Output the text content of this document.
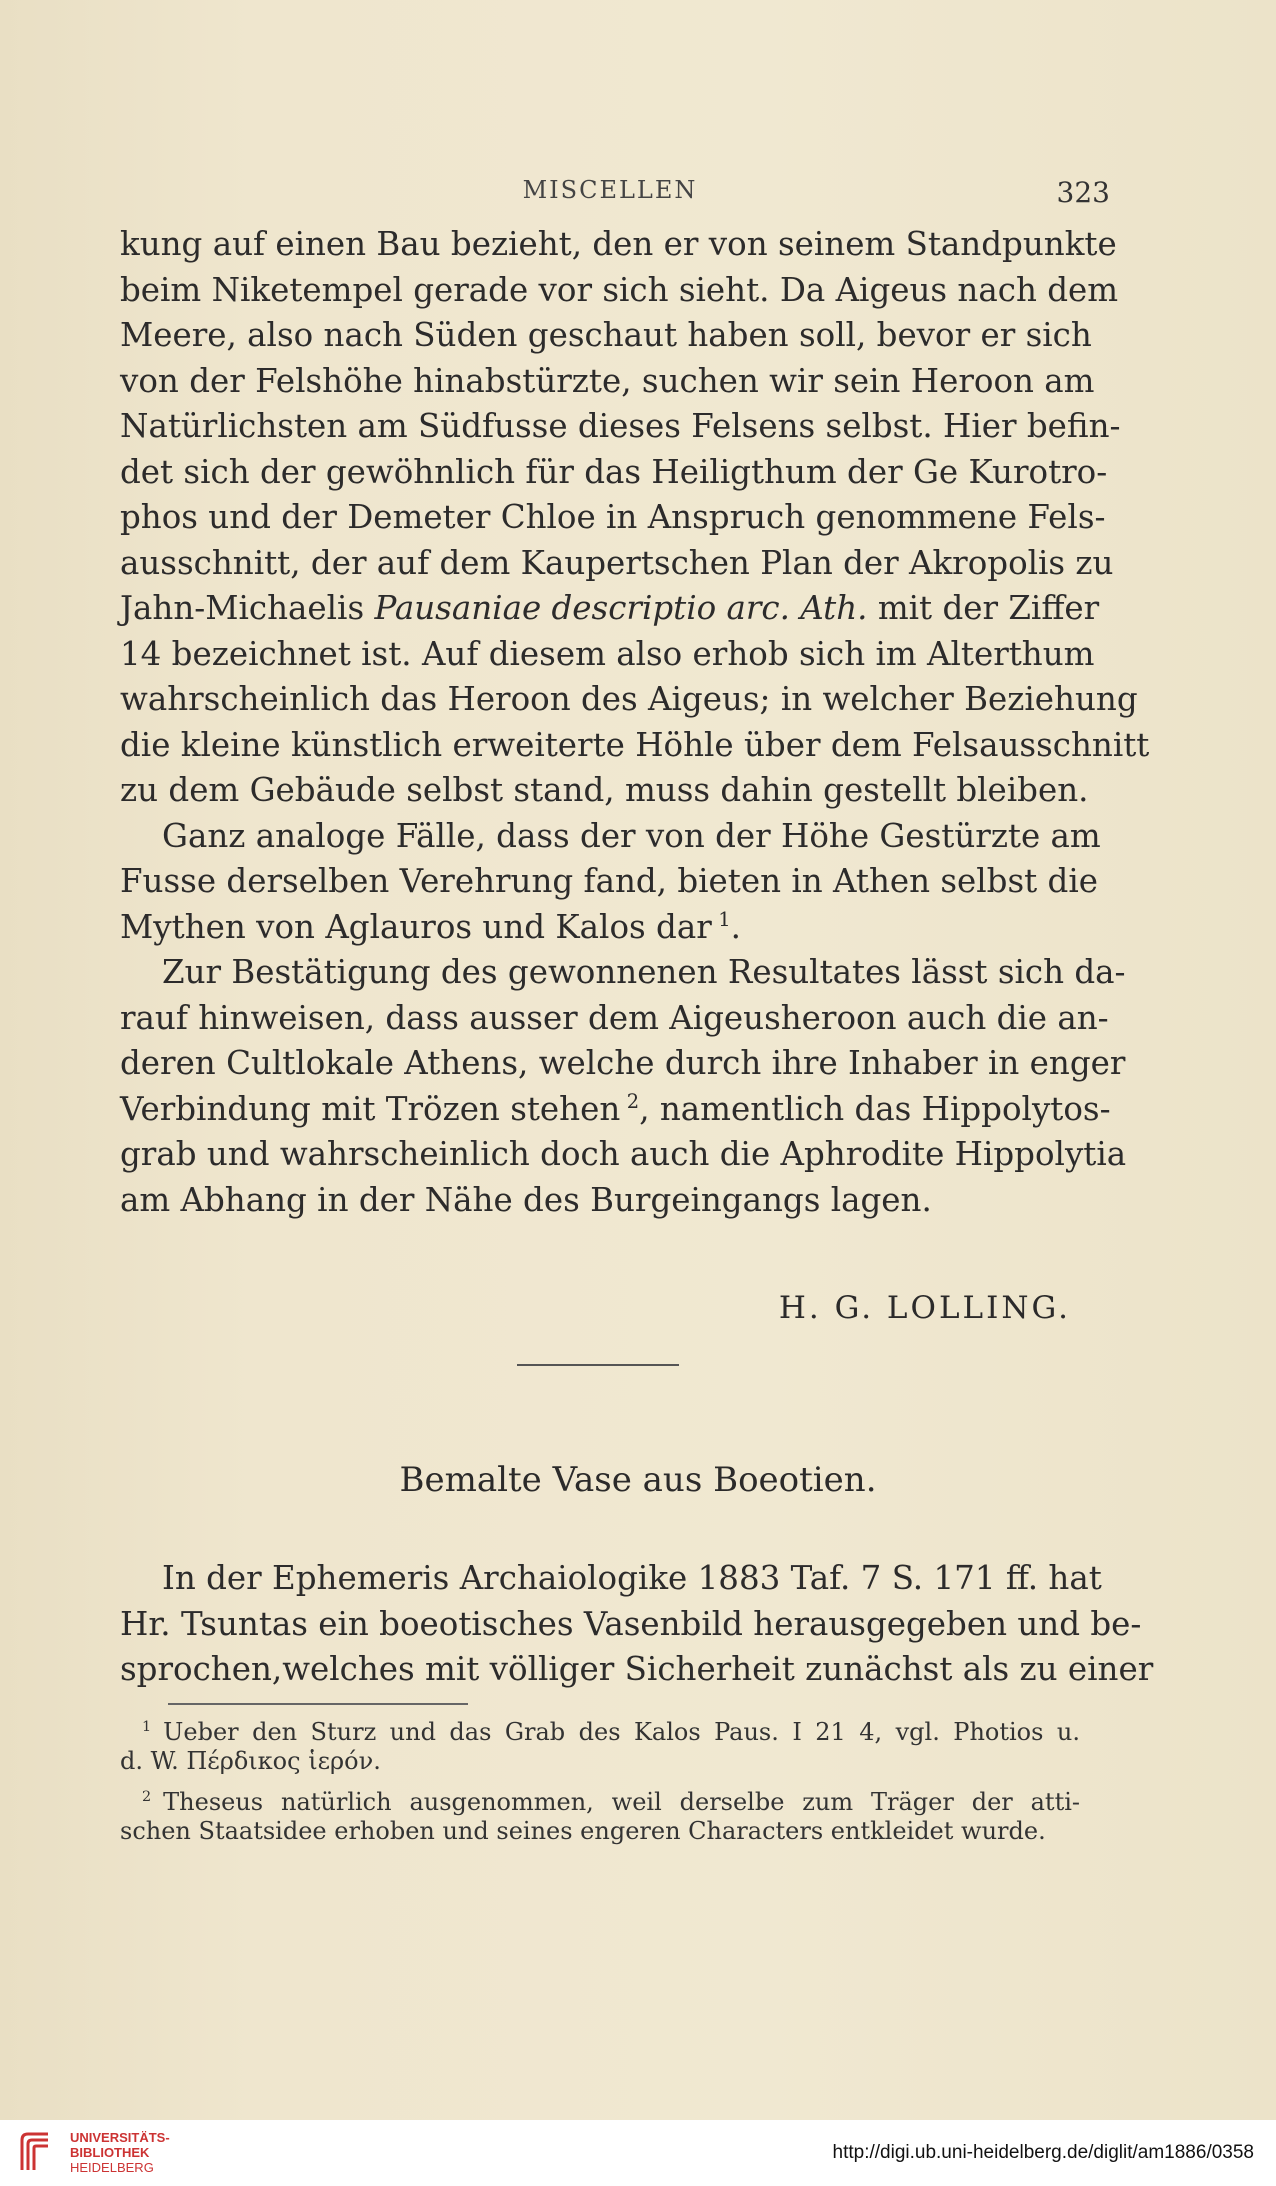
MISCELLEN	323
kung auf einen Bau bezieht, den er von seinem Standpunkte
beim Niketempel gerade vor sich sieht. Da Aigeus nach dem
Meere, also nach Süden geschaut haben soll, bevor er sich
von der Felshöhe hinabstürzte, suchen wir sein Heroon am
Natürlichsten am Südfusse dieses Felsens selbst. Hier befin-
det sich der gewöhnlich für das Heiligthum der Ge Kurotro-
phos und der Demeter Chloe in Anspruch genommene Fels-
ausschnitt, der auf dem Kaupertschen Plan der Akropolis zu
Jahn-Michaelis Pausaniae descriptio arc. Ath. mit der Ziffer
14 bezeichnet ist. Auf diesem also erhob sich im Alterthum
wahrscheinlich das Heroon des Aigeus; in welcher Beziehung
die kleine künstlich erweiterte Höhle über dem Felsausschnitt
zu dem Gebäude selbst stand, muss dahin gestellt bleiben.
Ganz analoge Fälle, dass der von der Höhe Gestürzte am
Fusse derselben Verehrung fand, bieten in Athen selbst die
Mythen von Aglauros und Kalos dar  $^1$.
Zur Bestätigung des gewonnenen Resultates lässt sich da-
rauf hinweisen, dass ausser dem Aigeusheroon auch die an-
deren Cultlokale Athens, welche durch ihre Inhaber in enger
Verbindung mit Trözen stehen  $^2$, namentlich das Hippolytos-
grab und wahrscheinlich doch auch die Aphrodite Hippolytia
am Abhang in der Nähe des Burgeingangs lagen.
H. G. LOLLING.
Bemalte Vase aus Boeotien.
In der Ephemeris Archaiologike 1883 Taf. 7 S. 171 ff. hat
Hr. Tsuntas ein boeotisches Vasenbild herausgegeben und be-
sprochen,welches mit völliger Sicherheit zunächst als zu einer
$^1$  Ueber den Sturz und das Grab des Kalos Paus. I 21 4, vgl. Photios u.
d. W. Πέρδικος ἱερόν.
$^2$  Theseus natürlich ausgenommen, weil derselbe zum Träger der atti-
schen Staatsidee erhoben und seines engeren Characters entkleidet wurde.
UNIVERSITÄTS-
BIBLIOTHEK
HEIDELBERG
http://digi.ub.uni-heidelberg.de/diglit/am1886/0358
